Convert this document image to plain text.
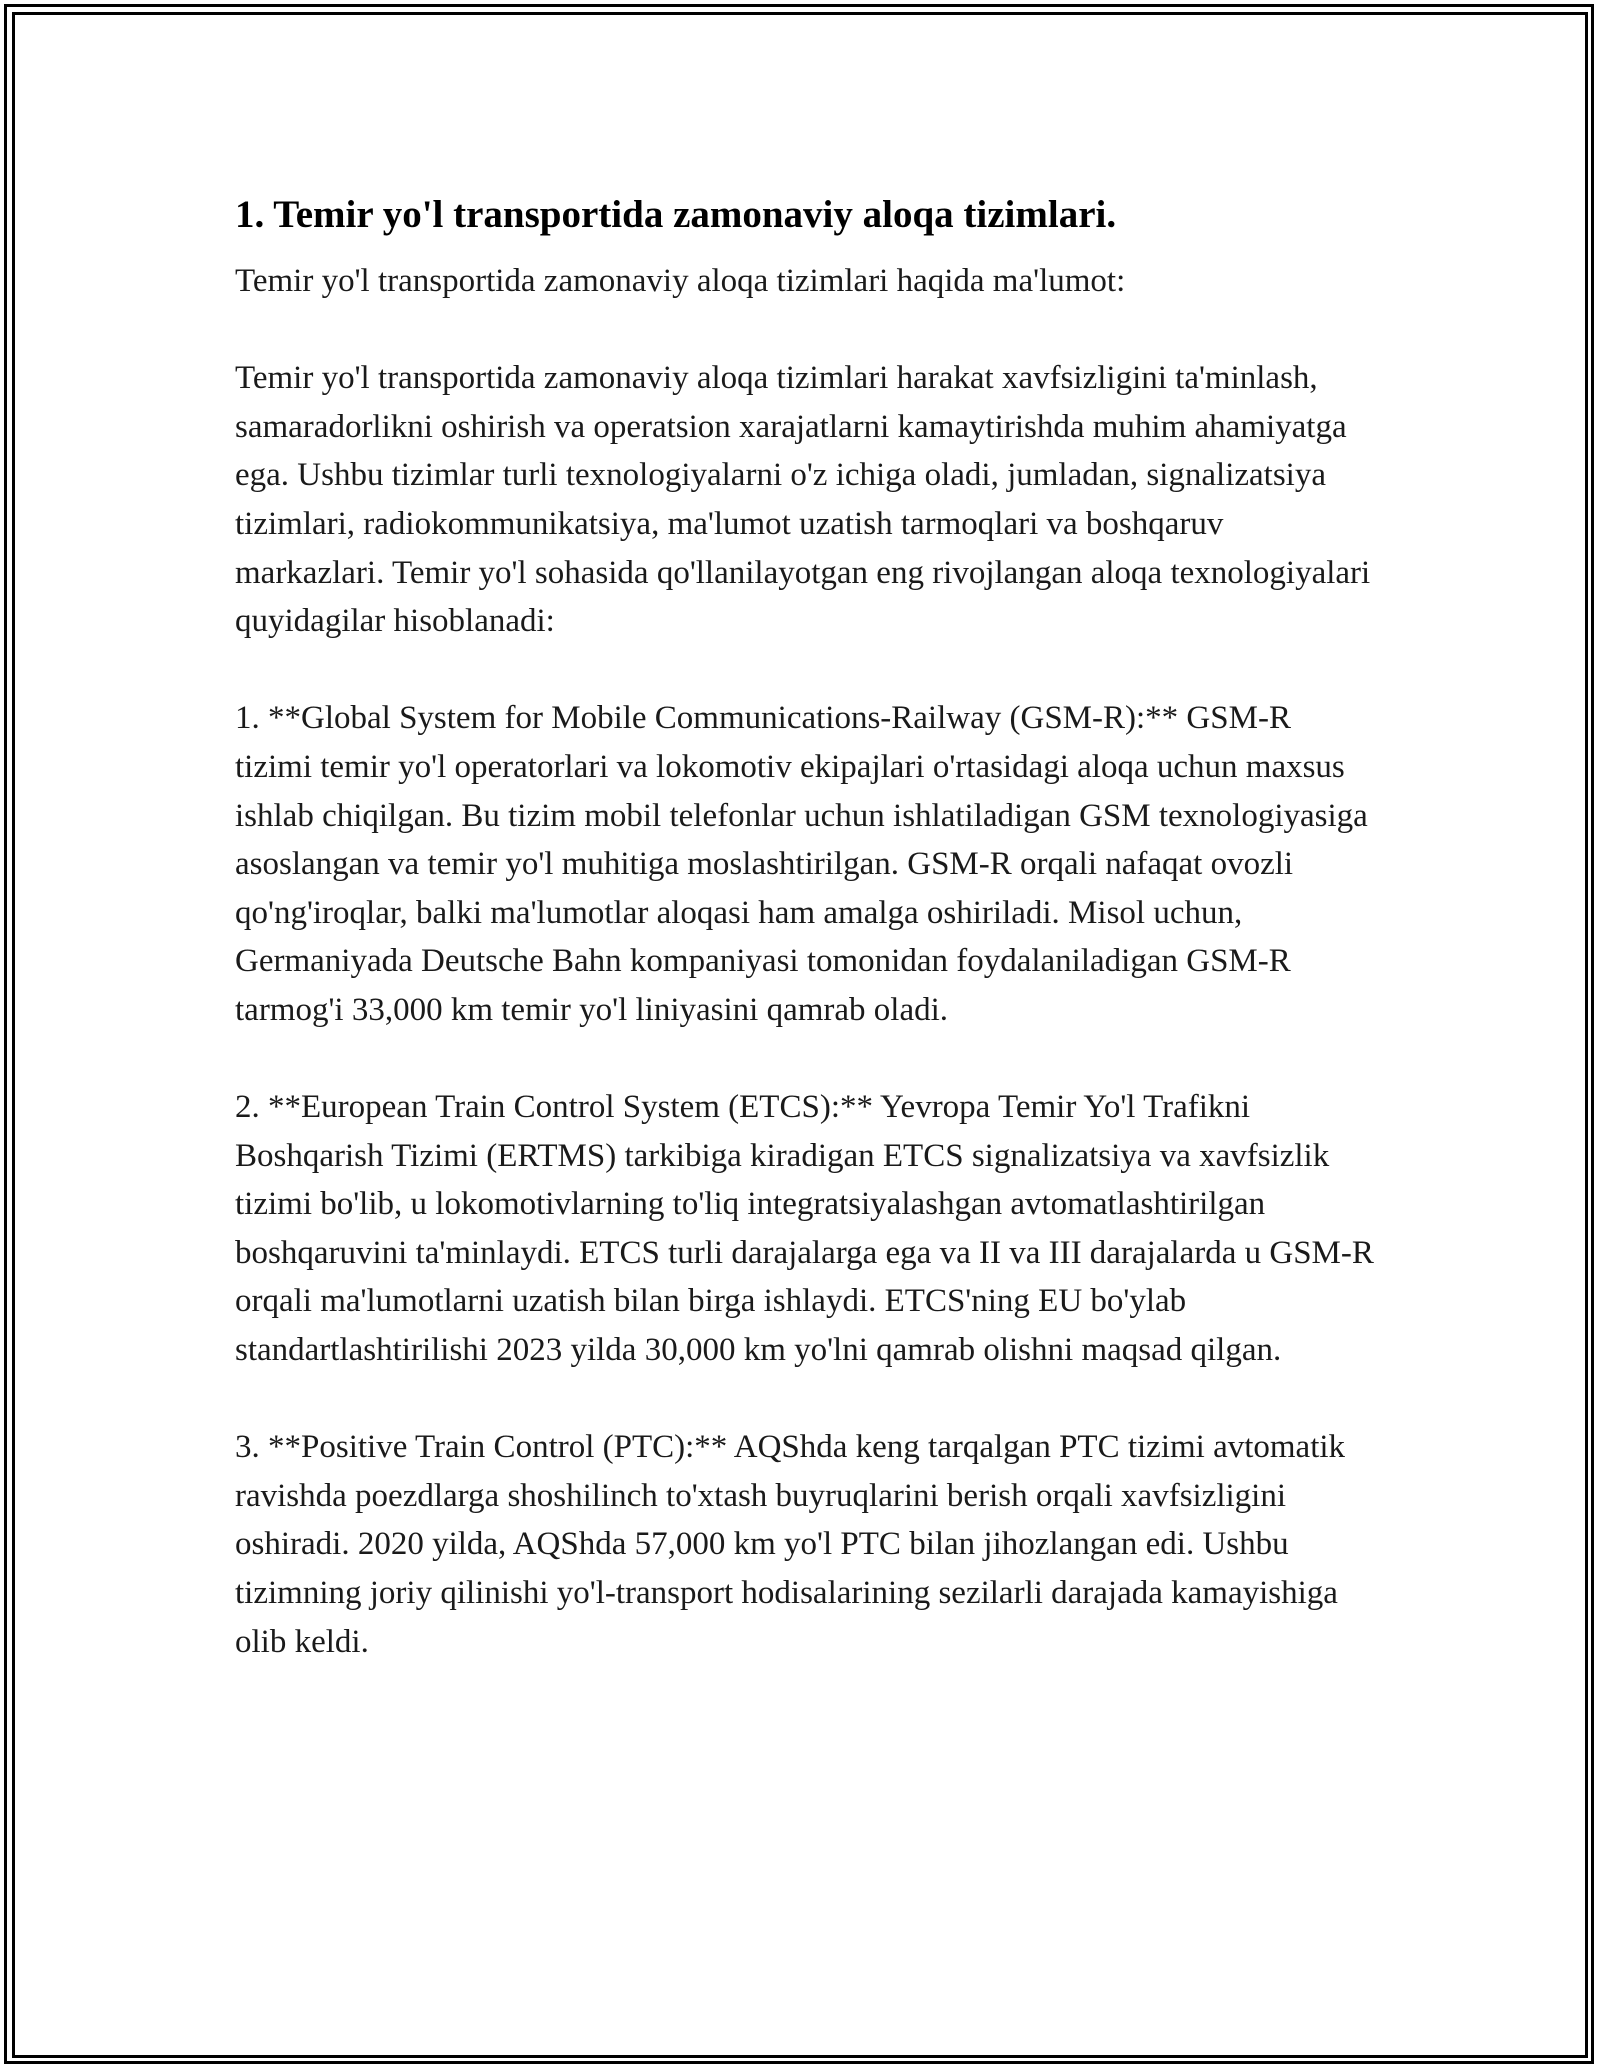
1. Temir yo'l transportida zamonaviy aloqa tizimlari.

Temir yo'l transportida zamonaviy aloqa tizimlari haqida ma'lumot:

Temir yo'l transportida zamonaviy aloqa tizimlari harakat xavfsizligini ta'minlash, samaradorlikni oshirish va operatsion xarajatlarni kamaytirishda muhim ahamiyatga ega. Ushbu tizimlar turli texnologiyalarni o'z ichiga oladi, jumladan, signalizatsiya tizimlari, radiokommunikatsiya, ma'lumot uzatish tarmoqlari va boshqaruv markazlari. Temir yo'l sohasida qo'llanilayotgan eng rivojlangan aloqa texnologiyalari quyidagilar hisoblanadi:

1. **Global System for Mobile Communications-Railway (GSM-R):** GSM-R tizimi temir yo'l operatorlari va lokomotiv ekipajlari o'rtasidagi aloqa uchun maxsus ishlab chiqilgan. Bu tizim mobil telefonlar uchun ishlatiladigan GSM texnologiyasiga asoslangan va temir yo'l muhitiga moslashtirilgan. GSM-R orqali nafaqat ovozli qo'ng'iroqlar, balki ma'lumotlar aloqasi ham amalga oshiriladi. Misol uchun, Germaniyada Deutsche Bahn kompaniyasi tomonidan foydalaniladigan GSM-R tarmog'i 33,000 km temir yo'l liniyasini qamrab oladi.

2. **European Train Control System (ETCS):** Yevropa Temir Yo'l Trafikni Boshqarish Tizimi (ERTMS) tarkibiga kiradigan ETCS signalizatsiya va xavfsizlik tizimi bo'lib, u lokomotivlarning to'liq integratsiyalashgan avtomatlashtirilgan boshqaruvini ta'minlaydi. ETCS turli darajalarga ega va II va III darajalarda u GSM-R orqali ma'lumotlarni uzatish bilan birga ishlaydi. ETCS'ning EU bo'ylab standartlashtirilishi 2023 yilda 30,000 km yo'lni qamrab olishni maqsad qilgan.

3. **Positive Train Control (PTC):** AQShda keng tarqalgan PTC tizimi avtomatik ravishda poezdlarga shoshilinch to'xtash buyruqlarini berish orqali xavfsizligini oshiradi. 2020 yilda, AQShda 57,000 km yo'l PTC bilan jihozlangan edi. Ushbu tizimning joriy qilinishi yo'l-transport hodisalarining sezilarli darajada kamayishiga olib keldi.
